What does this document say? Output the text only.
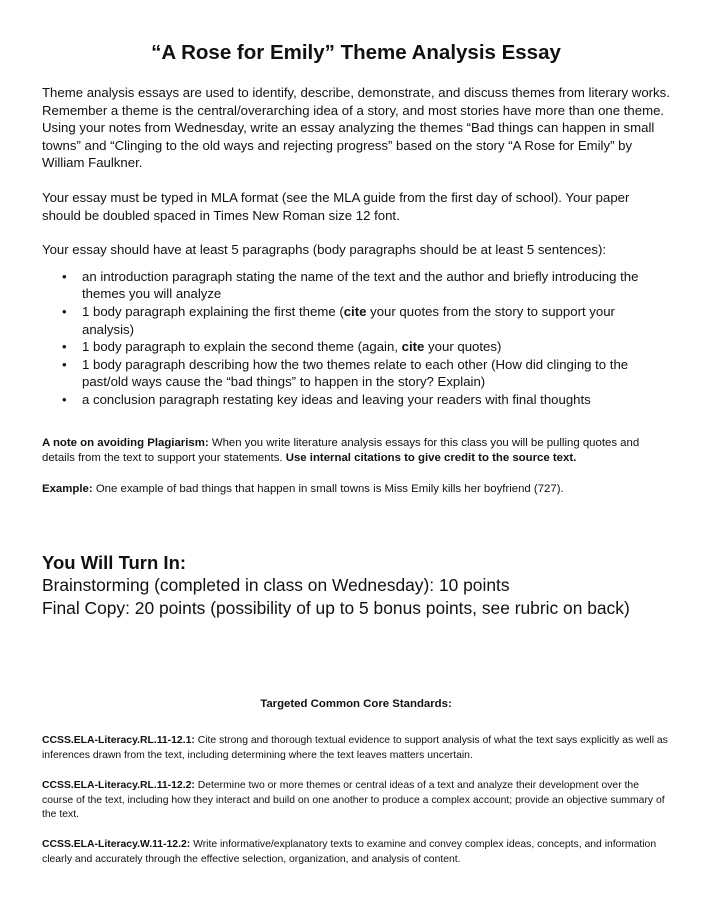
“A Rose for Emily” Theme Analysis Essay

Theme analysis essays are used to identify, describe, demonstrate, and discuss themes from literary works. Remember a theme is the central/overarching idea of a story, and most stories have more than one theme. Using your notes from Wednesday, write an essay analyzing the themes “Bad things can happen in small towns” and “Clinging to the old ways and rejecting progress” based on the story “A Rose for Emily” by William Faulkner.

Your essay must be typed in MLA format (see the MLA guide from the first day of school). Your paper should be doubled spaced in Times New Roman size 12 font.

Your essay should have at least 5 paragraphs (body paragraphs should be at least 5 sentences):

• an introduction paragraph stating the name of the text and the author and briefly introducing the themes you will analyze
• 1 body paragraph explaining the first theme (cite your quotes from the story to support your analysis)
• 1 body paragraph to explain the second theme (again, cite your quotes)
• 1 body paragraph describing how the two themes relate to each other (How did clinging to the past/old ways cause the “bad things” to happen in the story? Explain)
• a conclusion paragraph restating key ideas and leaving your readers with final thoughts

A note on avoiding Plagiarism: When you write literature analysis essays for this class you will be pulling quotes and details from the text to support your statements. Use internal citations to give credit to the source text.

Example: One example of bad things that happen in small towns is Miss Emily kills her boyfriend (727).

You Will Turn In:

Brainstorming (completed in class on Wednesday): 10 points

Final Copy: 20 points (possibility of up to 5 bonus points, see rubric on back)

Targeted Common Core Standards:

CCSS.ELA-Literacy.RL.11-12.1: Cite strong and thorough textual evidence to support analysis of what the text says explicitly as well as inferences drawn from the text, including determining where the text leaves matters uncertain.

CCSS.ELA-Literacy.RL.11-12.2: Determine two or more themes or central ideas of a text and analyze their development over the course of the text, including how they interact and build on one another to produce a complex account; provide an objective summary of the text.

CCSS.ELA-Literacy.W.11-12.2: Write informative/explanatory texts to examine and convey complex ideas, concepts, and information clearly and accurately through the effective selection, organization, and analysis of content.
